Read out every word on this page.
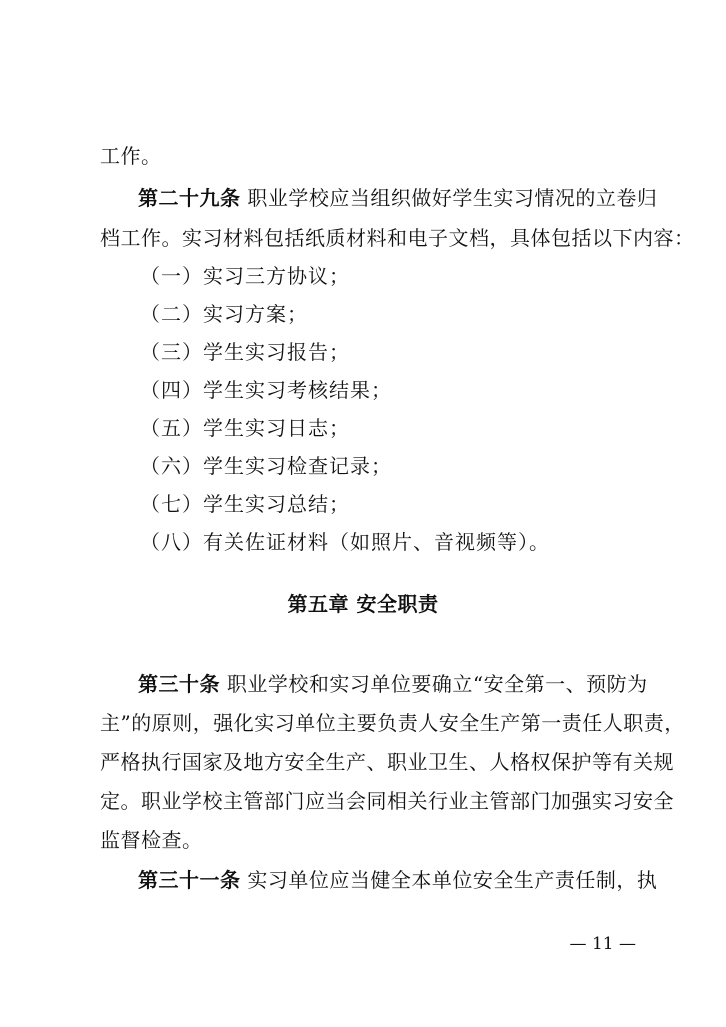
工作。
第二十九条 职业学校应当组织做好学生实习情况的立卷归
档工作。实习材料包括纸质材料和电子文档，具体包括以下内容：
（一）实习三方协议；
（二）实习方案；
（三）学生实习报告；
（四）学生实习考核结果；
（五）学生实习日志；
（六）学生实习检查记录；
（七）学生实习总结；
（八）有关佐证材料（如照片、音视频等）。
第五章 安全职责
第三十条 职业学校和实习单位要确立“安全第一、预防为
主”的原则，强化实习单位主要负责人安全生产第一责任人职责，
严格执行国家及地方安全生产、职业卫生、人格权保护等有关规
定。职业学校主管部门应当会同相关行业主管部门加强实习安全
监督检查。
第三十一条 实习单位应当健全本单位安全生产责任制，执
— 11 —
